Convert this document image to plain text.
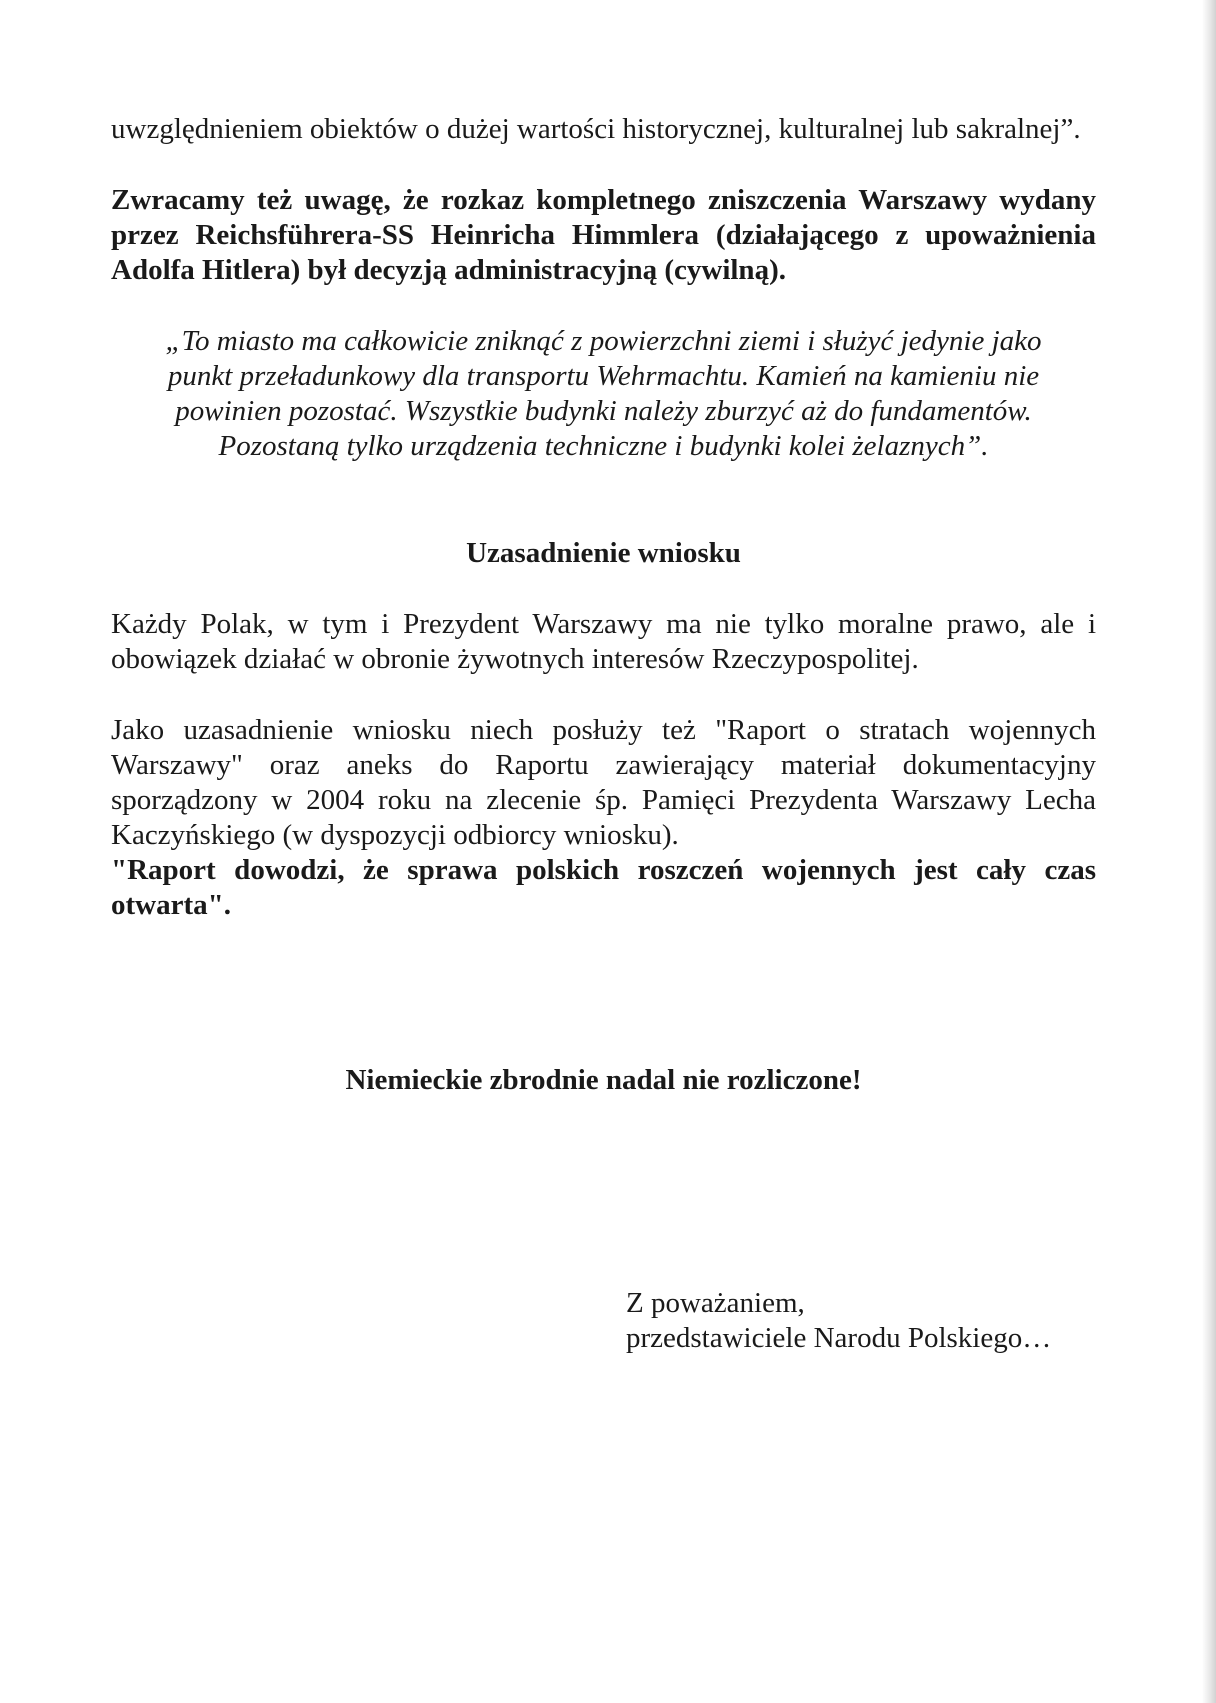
uwzględnieniem obiektów o dużej wartości historycznej, kulturalnej lub sakralnej”.

Zwracamy też uwagę, że rozkaz kompletnego zniszczenia Warszawy wydany przez Reichsführera-SS Heinricha Himmlera (działającego z upoważnienia Adolfa Hitlera) był decyzją administracyjną (cywilną).

„To miasto ma całkowicie zniknąć z powierzchni ziemi i służyć jedynie jako
punkt przeładunkowy dla transportu Wehrmachtu. Kamień na kamieniu nie
powinien pozostać. Wszystkie budynki należy zburzyć aż do fundamentów.
Pozostaną tylko urządzenia techniczne i budynki kolei żelaznych”.

Uzasadnienie wniosku

Każdy Polak, w tym i Prezydent Warszawy ma nie tylko moralne prawo, ale i obowiązek działać w obronie żywotnych interesów Rzeczypospolitej.

Jako uzasadnienie wniosku niech posłuży też "Raport o stratach wojennych Warszawy" oraz aneks do Raportu zawierający materiał dokumentacyjny sporządzony w 2004 roku na zlecenie śp. Pamięci Prezydenta Warszawy Lecha Kaczyńskiego (w dyspozycji odbiorcy wniosku).

"Raport dowodzi, że sprawa polskich roszczeń wojennych jest cały czas otwarta".

Niemieckie zbrodnie nadal nie rozliczone!

Z poważaniem,

przedstawiciele Narodu Polskiego…
